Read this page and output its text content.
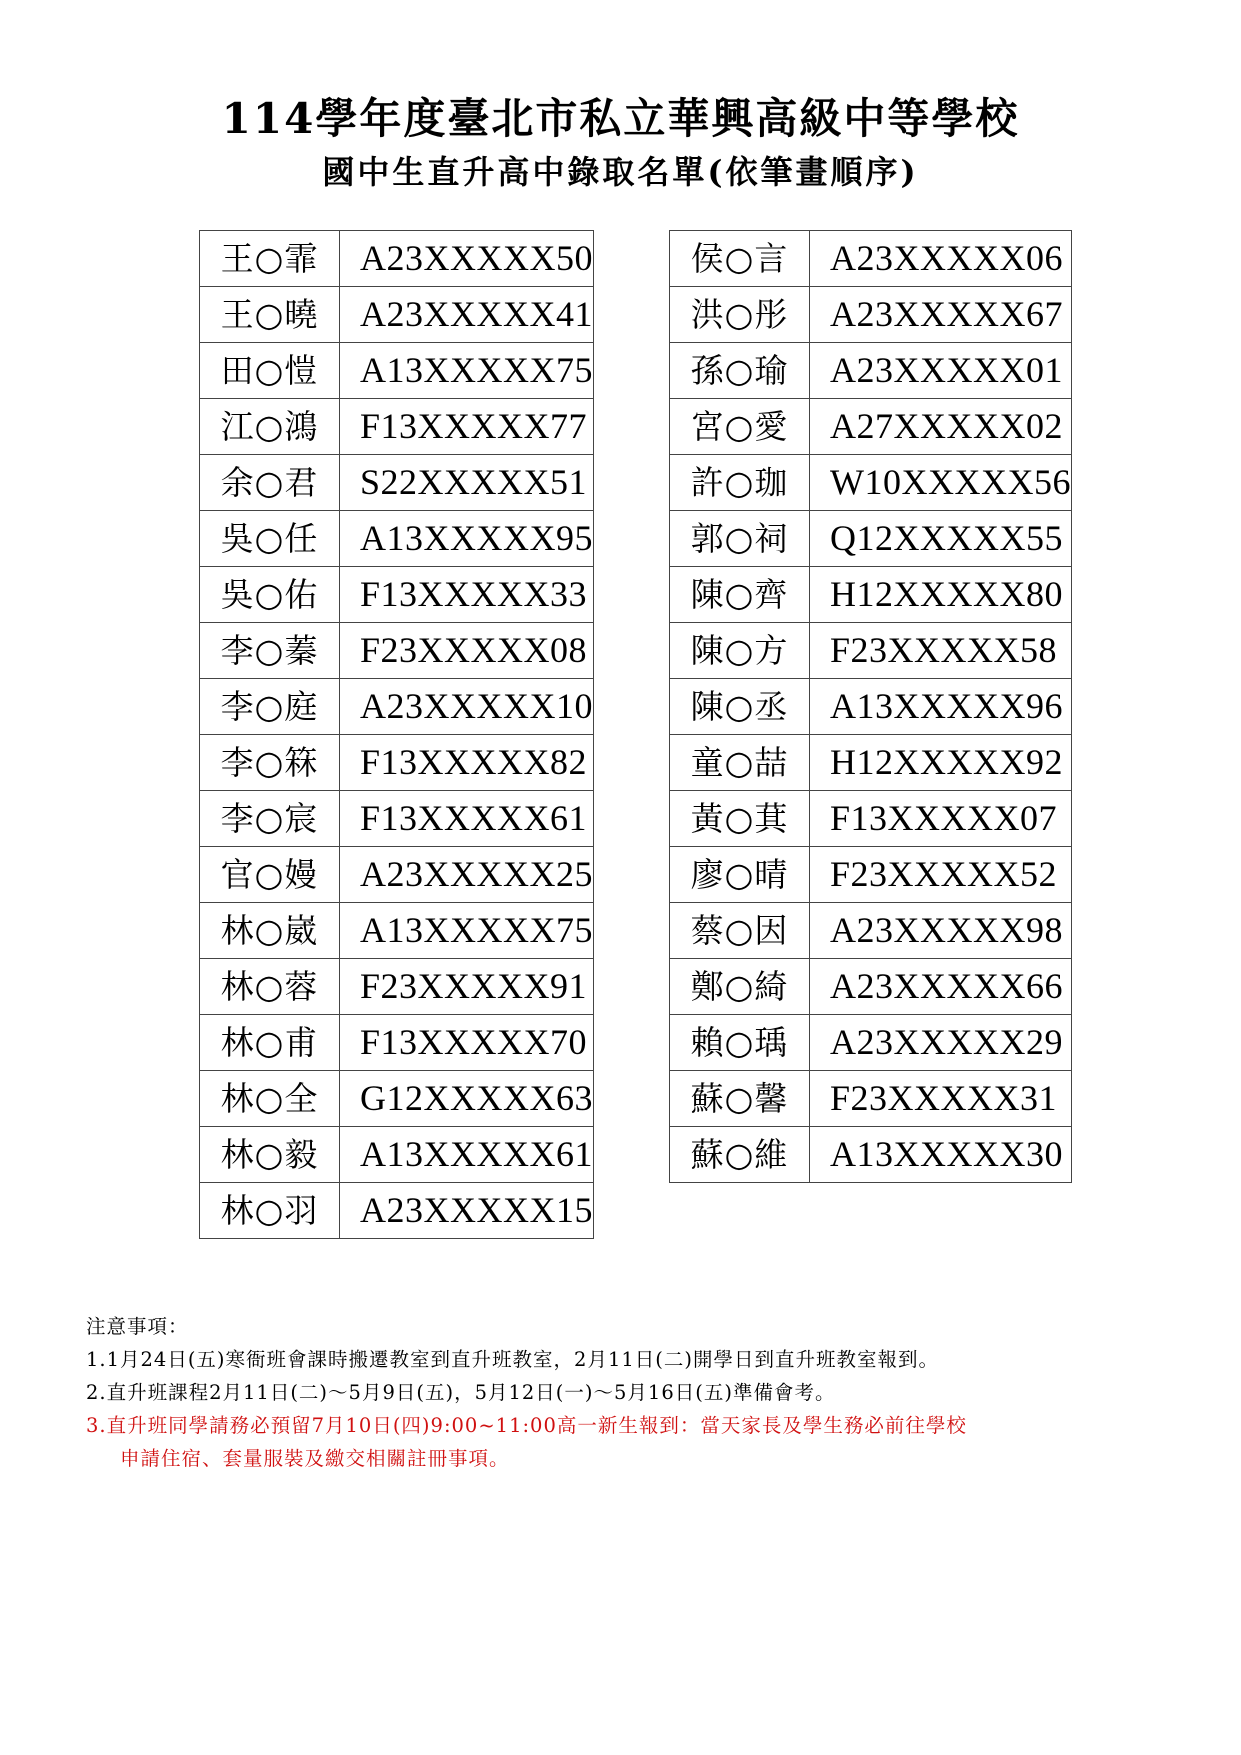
114學年度臺北市私立華興高級中等學校
國中生直升高中錄取名單(依筆畫順序)
王○霏	A23XXXXX50
王○曉	A23XXXXX41
田○愷	A13XXXXX75
江○鴻	F13XXXXX77
余○君	S22XXXXX51
吳○任	A13XXXXX95
吳○佑	F13XXXXX33
李○蓁	F23XXXXX08
李○庭	A23XXXXX10
李○箖	F13XXXXX82
李○宸	F13XXXXX61
官○嫚	A23XXXXX25
林○崴	A13XXXXX75
林○蓉	F23XXXXX91
林○甫	F13XXXXX70
林○全	G12XXXXX63
林○毅	A13XXXXX61
林○羽	A23XXXXX15
侯○言	A23XXXXX06
洪○彤	A23XXXXX67
孫○瑜	A23XXXXX01
宮○愛	A27XXXXX02
許○珈	W10XXXXX56
郭○祠	Q12XXXXX55
陳○齊	H12XXXXX80
陳○方	F23XXXXX58
陳○丞	A13XXXXX96
童○喆	H12XXXXX92
黃○萁	F13XXXXX07
廖○晴	F23XXXXX52
蔡○因	A23XXXXX98
鄭○綺	A23XXXXX66
賴○瑀	A23XXXXX29
蘇○馨	F23XXXXX31
蘇○維	A13XXXXX30
注意事項：
1.1月24日(五)寒衙班會課時搬遷教室到直升班教室，2月11日(二)開學日到直升班教室報到。
2.直升班課程2月11日(二)～5月9日(五)，5月12日(一)～5月16日(五)準備會考。
3.直升班同學請務必預留7月10日(四)9:00~11:00高一新生報到：當天家長及學生務必前往學校
申請住宿、套量服裝及繳交相關註冊事項。
